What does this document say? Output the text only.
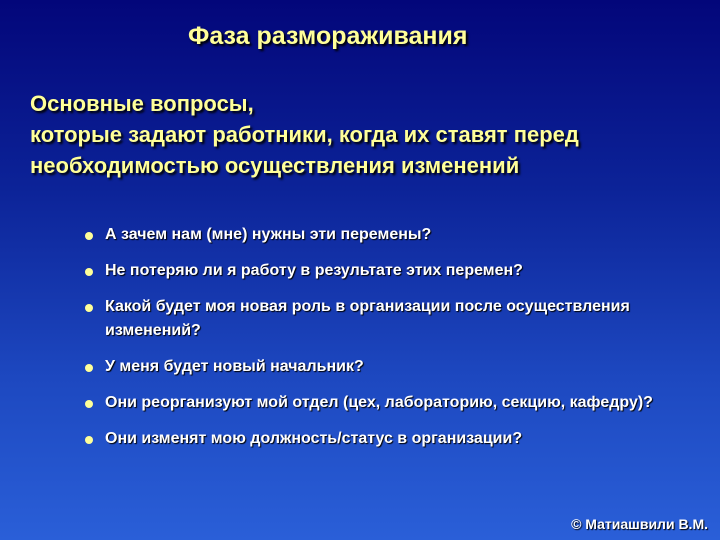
Фаза размораживания
Основные вопросы,
которые задают работники, когда их ставят перед
необходимостью осуществления изменений
А зачем нам (мне) нужны эти перемены?
Не потеряю ли я работу в результате этих перемен?
Какой будет моя новая роль в организации после осуществления изменений?
У меня будет новый начальник?
Они реорганизуют мой отдел (цех, лабораторию, секцию, кафедру)?
Они изменят мою должность/статус в организации?
© Матиашвили В.М.
